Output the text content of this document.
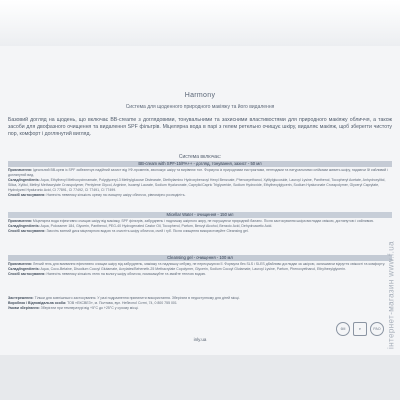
Harmony
Система для щоденного природного макіяжу та його видалення
Базовий догляд на щодень, що включає BB-creame з доглядовими, тонувальними та захисними властивостями для природного макіяжу обличчя, а також засоби для двофазного очищення та видалення SPF фільтрів. Міцелярна вода в парі з гелем ретельно очищує шкіру, видаляє макіяж, щоб зберегти чистоту пор, комфорт і доглянутий вигляд.
Система включає:
BB-cream with SPF-15/PA++ - догляд, тонування, захист - 50 мл

Призначення: Ідеальний BB-крем із SPF забезпечує надійний захист від УФ-променів, зволожує шкіру та вирівнює тон. Формула із природними екстрактами, пептидами та натуральними олійками живить шкіру, надаючи їй сяйливий і доглянутий вид.

Склад/Ingredients: Aqua, Ethylhexyl Methoxycinnamate, Polyglyceryl-3 Methylglucose Distearate, Diethylamino Hydroxybenzoyl Hexyl Benzoate, Phenoxyethanol, Xylitylglucoside, Lauroyl Lysine, Panthenol, Tocopheryl Acetate, Anhydroxylitol, Silica, Xylitol, Methyl Methacrylate Crosspolymer, Pentylene Glycol, Arginine, Isoamyl Laurate, Sodium Hyaluronate, Caprylic/Capric Triglyceride, Sodium Hydroxide, Ethylhexylglycerin, Sodium Hyaluronate Crosspolymer, Glyceryl Caprylate, Hydrolyzed Hyaluronic Acid, CI 77891, CI 77492, CI 77491, CI 77499.

Спосіб застосування: Нанесіть невелику кількість крему на очищену шкіру обличчя, рівномірно розподіліть.

Micellar Water - очищення - 150 мл

Призначення: Міцелярна вода ефективно очищає шкіру від макіяжу, SPF фільтрів, забруднень і надлишку шкірного жиру, не порушуючи природний баланс. Після застосування шкіра виглядає свіжою, доглянутою і сяйливою.

Склад/Ingredients: Aqua, Poloxamer 184, Glycerin, Panthenol, PEG-40 Hydrogenated Castor Oil, Tocopherol, Parfum, Benzyl Alcohol, Benzoic Acid, Dehydroacetic Acid.

Спосіб застосування: Змочіть ватний диск міцелярною водою та очистіть шкіру обличчя, очей і губ. Після очищення використовуйте Cleansing gel.

Cleansing gel - очищення - 100 мл

Призначення: Легкий гель для вмивання ефективно очищає шкіру від забруднень, макіяжу та надлишку себуму, не пересушуючи її. Формула без SLS і SLES дбайливо доглядає за шкірою, залишаючи відчуття свіжості та комфорту.

Склад/Ingredients: Aqua, Coco-Betaine, Disodium Cocoyl Glutamate, Acrylates/Beheneth-25 Methacrylate Copolymer, Glycerin, Sodium Cocoyl Glutamate, Lauroyl Lysine, Parfum, Phenoxyethanol, Ethylhexylglycerin.

Спосіб застосування: Нанесіть невелику кількість гелю на вологу шкіру обличчя, помасажуйте та змийте теплою водою.

Застереження: Тільки для зовнішнього застосування. У разі подразнення припинити використання. Зберігати в недоступному для дітей місці.

Виробник / Відповідальна особа: ТОВ «ЕКСВЕЗ», м. Полтава, вул. Небесної Сотні, 74, 0 800 755 001

Умови зберігання: Зберігати при температурі від +5°С до +25°С у сухому місці.

6M	e	PAO
inly.ua	інтернет-магазин www.f.ua
